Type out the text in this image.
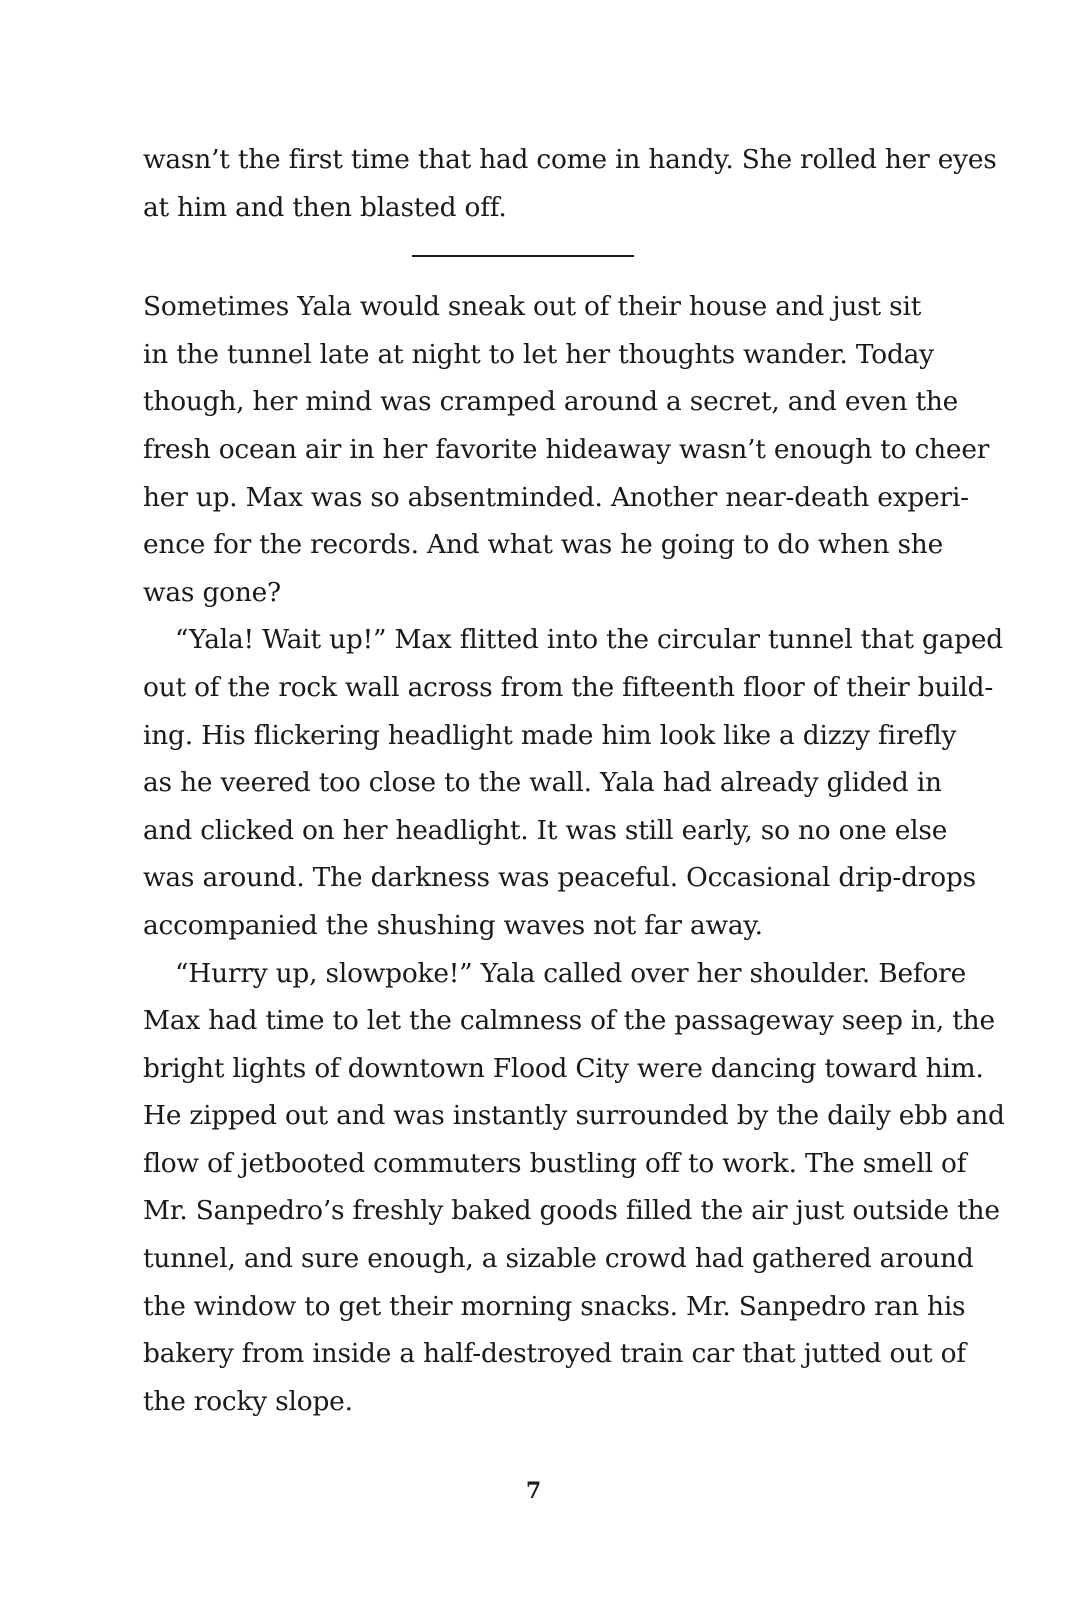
wasn’t the first time that had come in handy. She rolled her eyes
at him and then blasted off.
Sometimes Yala would sneak out of their house and just sit
in the tunnel late at night to let her thoughts wander. Today
though, her mind was cramped around a secret, and even the
fresh ocean air in her favorite hideaway wasn’t enough to cheer
her up. Max was so absentminded. Another near-death experi-
ence for the records. And what was he going to do when she
was gone?
“Yala! Wait up!” Max flitted into the circular tunnel that gaped
out of the rock wall across from the fifteenth floor of their build-
ing. His flickering headlight made him look like a dizzy firefly
as he veered too close to the wall. Yala had already glided in
and clicked on her headlight. It was still early, so no one else
was around. The darkness was peaceful. Occasional drip-drops
accompanied the shushing waves not far away.
“Hurry up, slowpoke!” Yala called over her shoulder. Before
Max had time to let the calmness of the passageway seep in, the
bright lights of downtown Flood City were dancing toward him.
He zipped out and was instantly surrounded by the daily ebb and
flow of jetbooted commuters bustling off to work. The smell of
Mr. Sanpedro’s freshly baked goods filled the air just outside the
tunnel, and sure enough, a sizable crowd had gathered around
the window to get their morning snacks. Mr. Sanpedro ran his
bakery from inside a half-destroyed train car that jutted out of
the rocky slope.
7
